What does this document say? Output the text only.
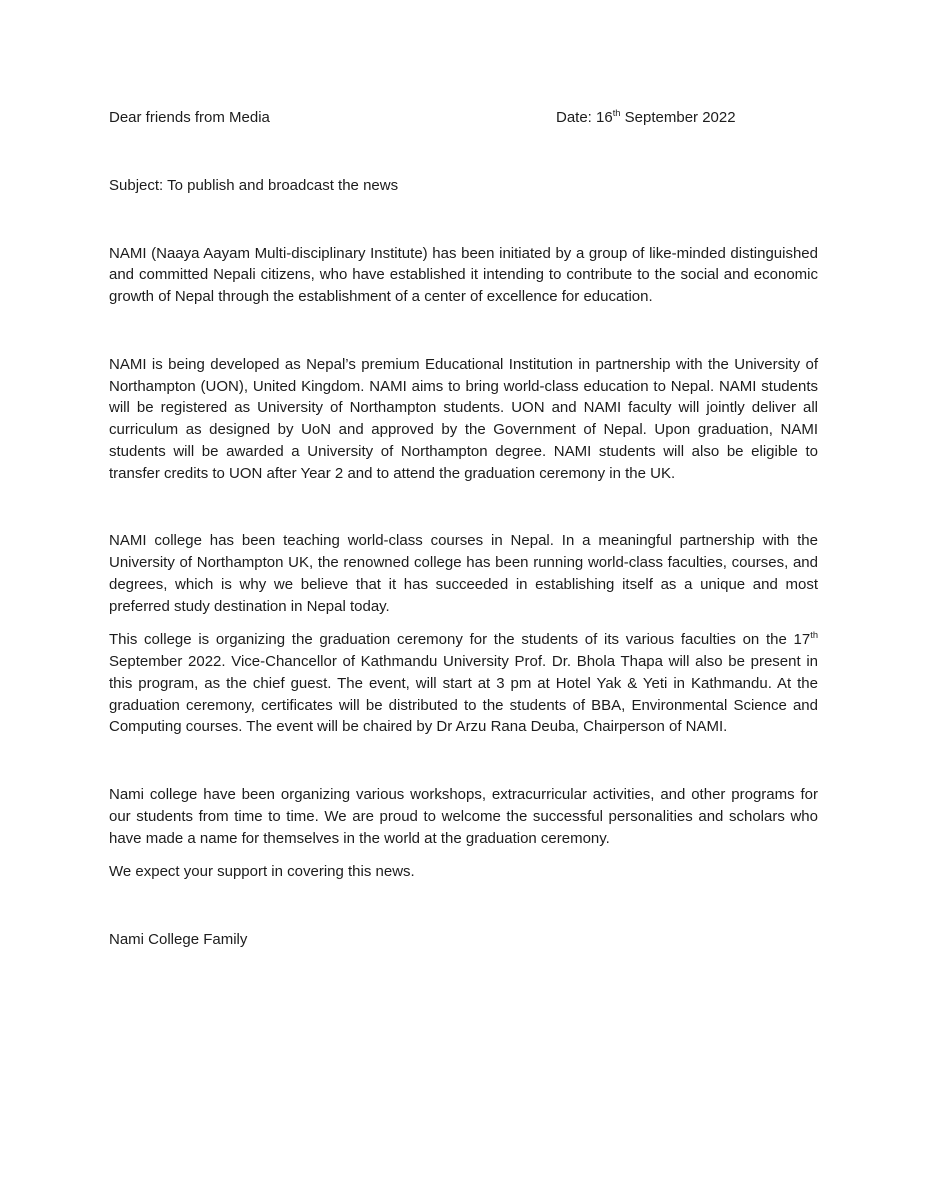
Dear friends from Media	Date: 16th September 2022

Subject: To publish and broadcast the news

NAMI (Naaya Aayam Multi-disciplinary Institute) has been initiated by a group of like-minded distinguished and committed Nepali citizens, who have established it intending to contribute to the social and economic growth of Nepal through the establishment of a center of excellence for education.

NAMI is being developed as Nepal’s premium Educational Institution in partnership with the University of Northampton (UON), United Kingdom. NAMI aims to bring world-class education to Nepal. NAMI students will be registered as University of Northampton students. UON and NAMI faculty will jointly deliver all curriculum as designed by UoN and approved by the Government of Nepal. Upon graduation, NAMI students will be awarded a University of Northampton degree. NAMI students will also be eligible to transfer credits to UON after Year 2 and to attend the graduation ceremony in the UK.

NAMI college has been teaching world-class courses in Nepal. In a meaningful partnership with the University of Northampton UK, the renowned college has been running world-class faculties, courses, and degrees, which is why we believe that it has succeeded in establishing itself as a unique and most preferred study destination in Nepal today.

This college is organizing the graduation ceremony for the students of its various faculties on the 17th September 2022. Vice-Chancellor of Kathmandu University Prof. Dr. Bhola Thapa will also be present in this program, as the chief guest. The event, will start at 3 pm at Hotel Yak & Yeti in Kathmandu. At the graduation ceremony, certificates will be distributed to the students of BBA, Environmental Science and Computing courses. The event will be chaired by Dr Arzu Rana Deuba, Chairperson of NAMI.

Nami college have been organizing various workshops, extracurricular activities, and other programs for our students from time to time. We are proud to welcome the successful personalities and scholars who have made a name for themselves in the world at the graduation ceremony.

We expect your support in covering this news.

Nami College Family
